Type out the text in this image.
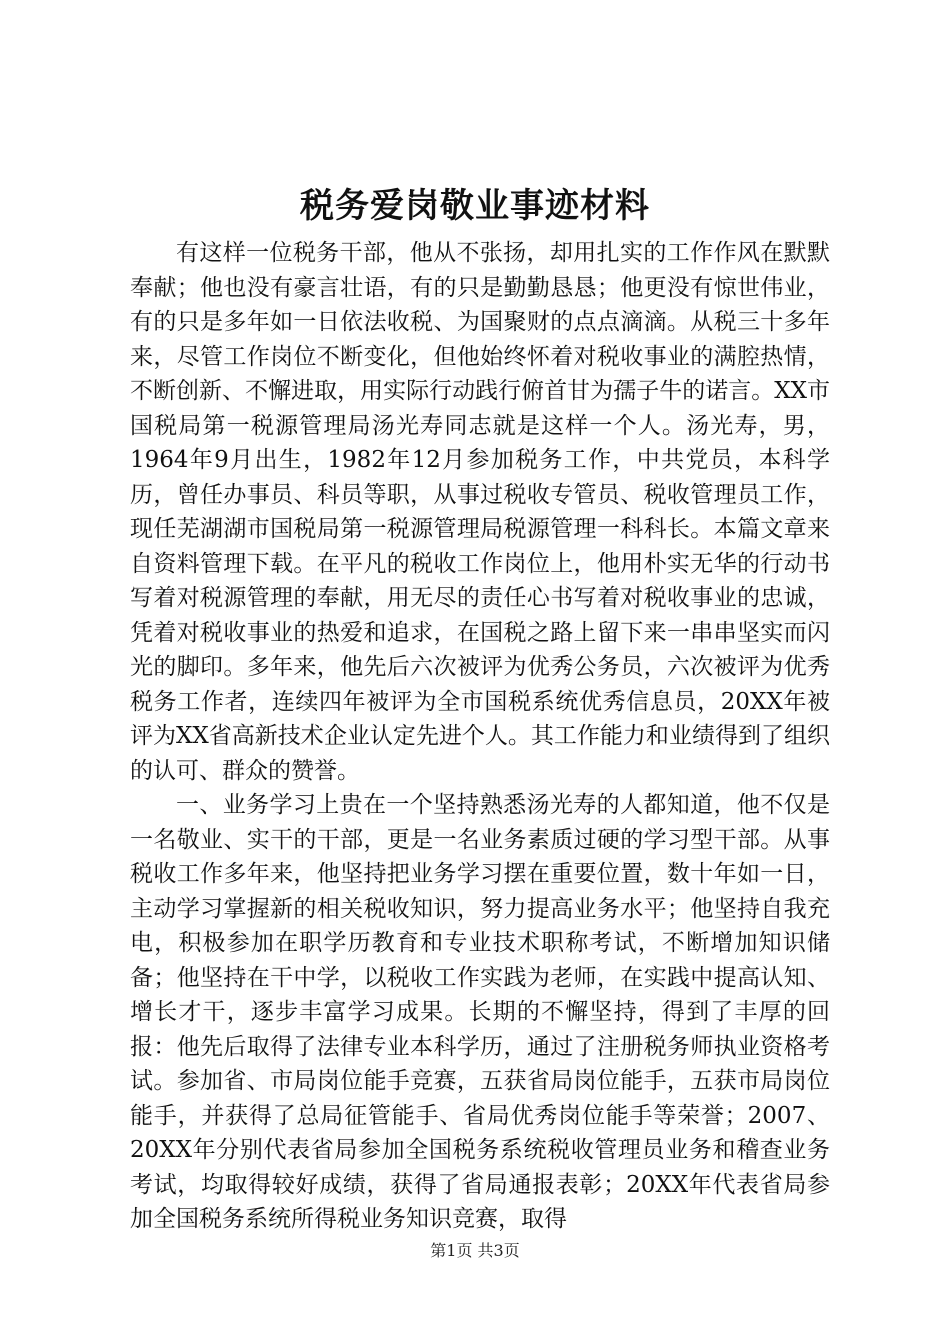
税务爱岗敬业事迹材料

有这样一位税务干部，他从不张扬，却用扎实的工作作风在默默奉献；他也没有豪言壮语，有的只是勤勤恳恳；他更没有惊世伟业，有的只是多年如一日依法收税、为国聚财的点点滴滴。从税三十多年来，尽管工作岗位不断变化，但他始终怀着对税收事业的满腔热情，不断创新、不懈进取，用实际行动践行俯首甘为孺子牛的诺言。XX市国税局第一税源管理局汤光寿同志就是这样一个人。汤光寿，男，1964年9月出生，1982年12月参加税务工作，中共党员，本科学历，曾任办事员、科员等职，从事过税收专管员、税收管理员工作，现任芜湖湖市国税局第一税源管理局税源管理一科科长。本篇文章来自资料管理下载。在平凡的税收工作岗位上，他用朴实无华的行动书写着对税源管理的奉献，用无尽的责任心书写着对税收事业的忠诚，凭着对税收事业的热爱和追求，在国税之路上留下来一串串坚实而闪光的脚印。多年来，他先后六次被评为优秀公务员，六次被评为优秀税务工作者，连续四年被评为全市国税系统优秀信息员，20XX年被评为XX省高新技术企业认定先进个人。其工作能力和业绩得到了组织的认可、群众的赞誉。

一、业务学习上贵在一个坚持熟悉汤光寿的人都知道，他不仅是一名敬业、实干的干部，更是一名业务素质过硬的学习型干部。从事税收工作多年来，他坚持把业务学习摆在重要位置，数十年如一日，主动学习掌握新的相关税收知识，努力提高业务水平；他坚持自我充电，积极参加在职学历教育和专业技术职称考试，不断增加知识储备；他坚持在干中学，以税收工作实践为老师，在实践中提高认知、增长才干，逐步丰富学习成果。长期的不懈坚持，得到了丰厚的回报：他先后取得了法律专业本科学历，通过了注册税务师执业资格考试。参加省、市局岗位能手竞赛，五获省局岗位能手，五获市局岗位能手，并获得了总局征管能手、省局优秀岗位能手等荣誉；2007、20XX年分别代表省局参加全国税务系统税收管理员业务和稽查业务考试，均取得较好成绩，获得了省局通报表彰；20XX年代表省局参加全国税务系统所得税业务知识竞赛，取得

第1页 共3页
